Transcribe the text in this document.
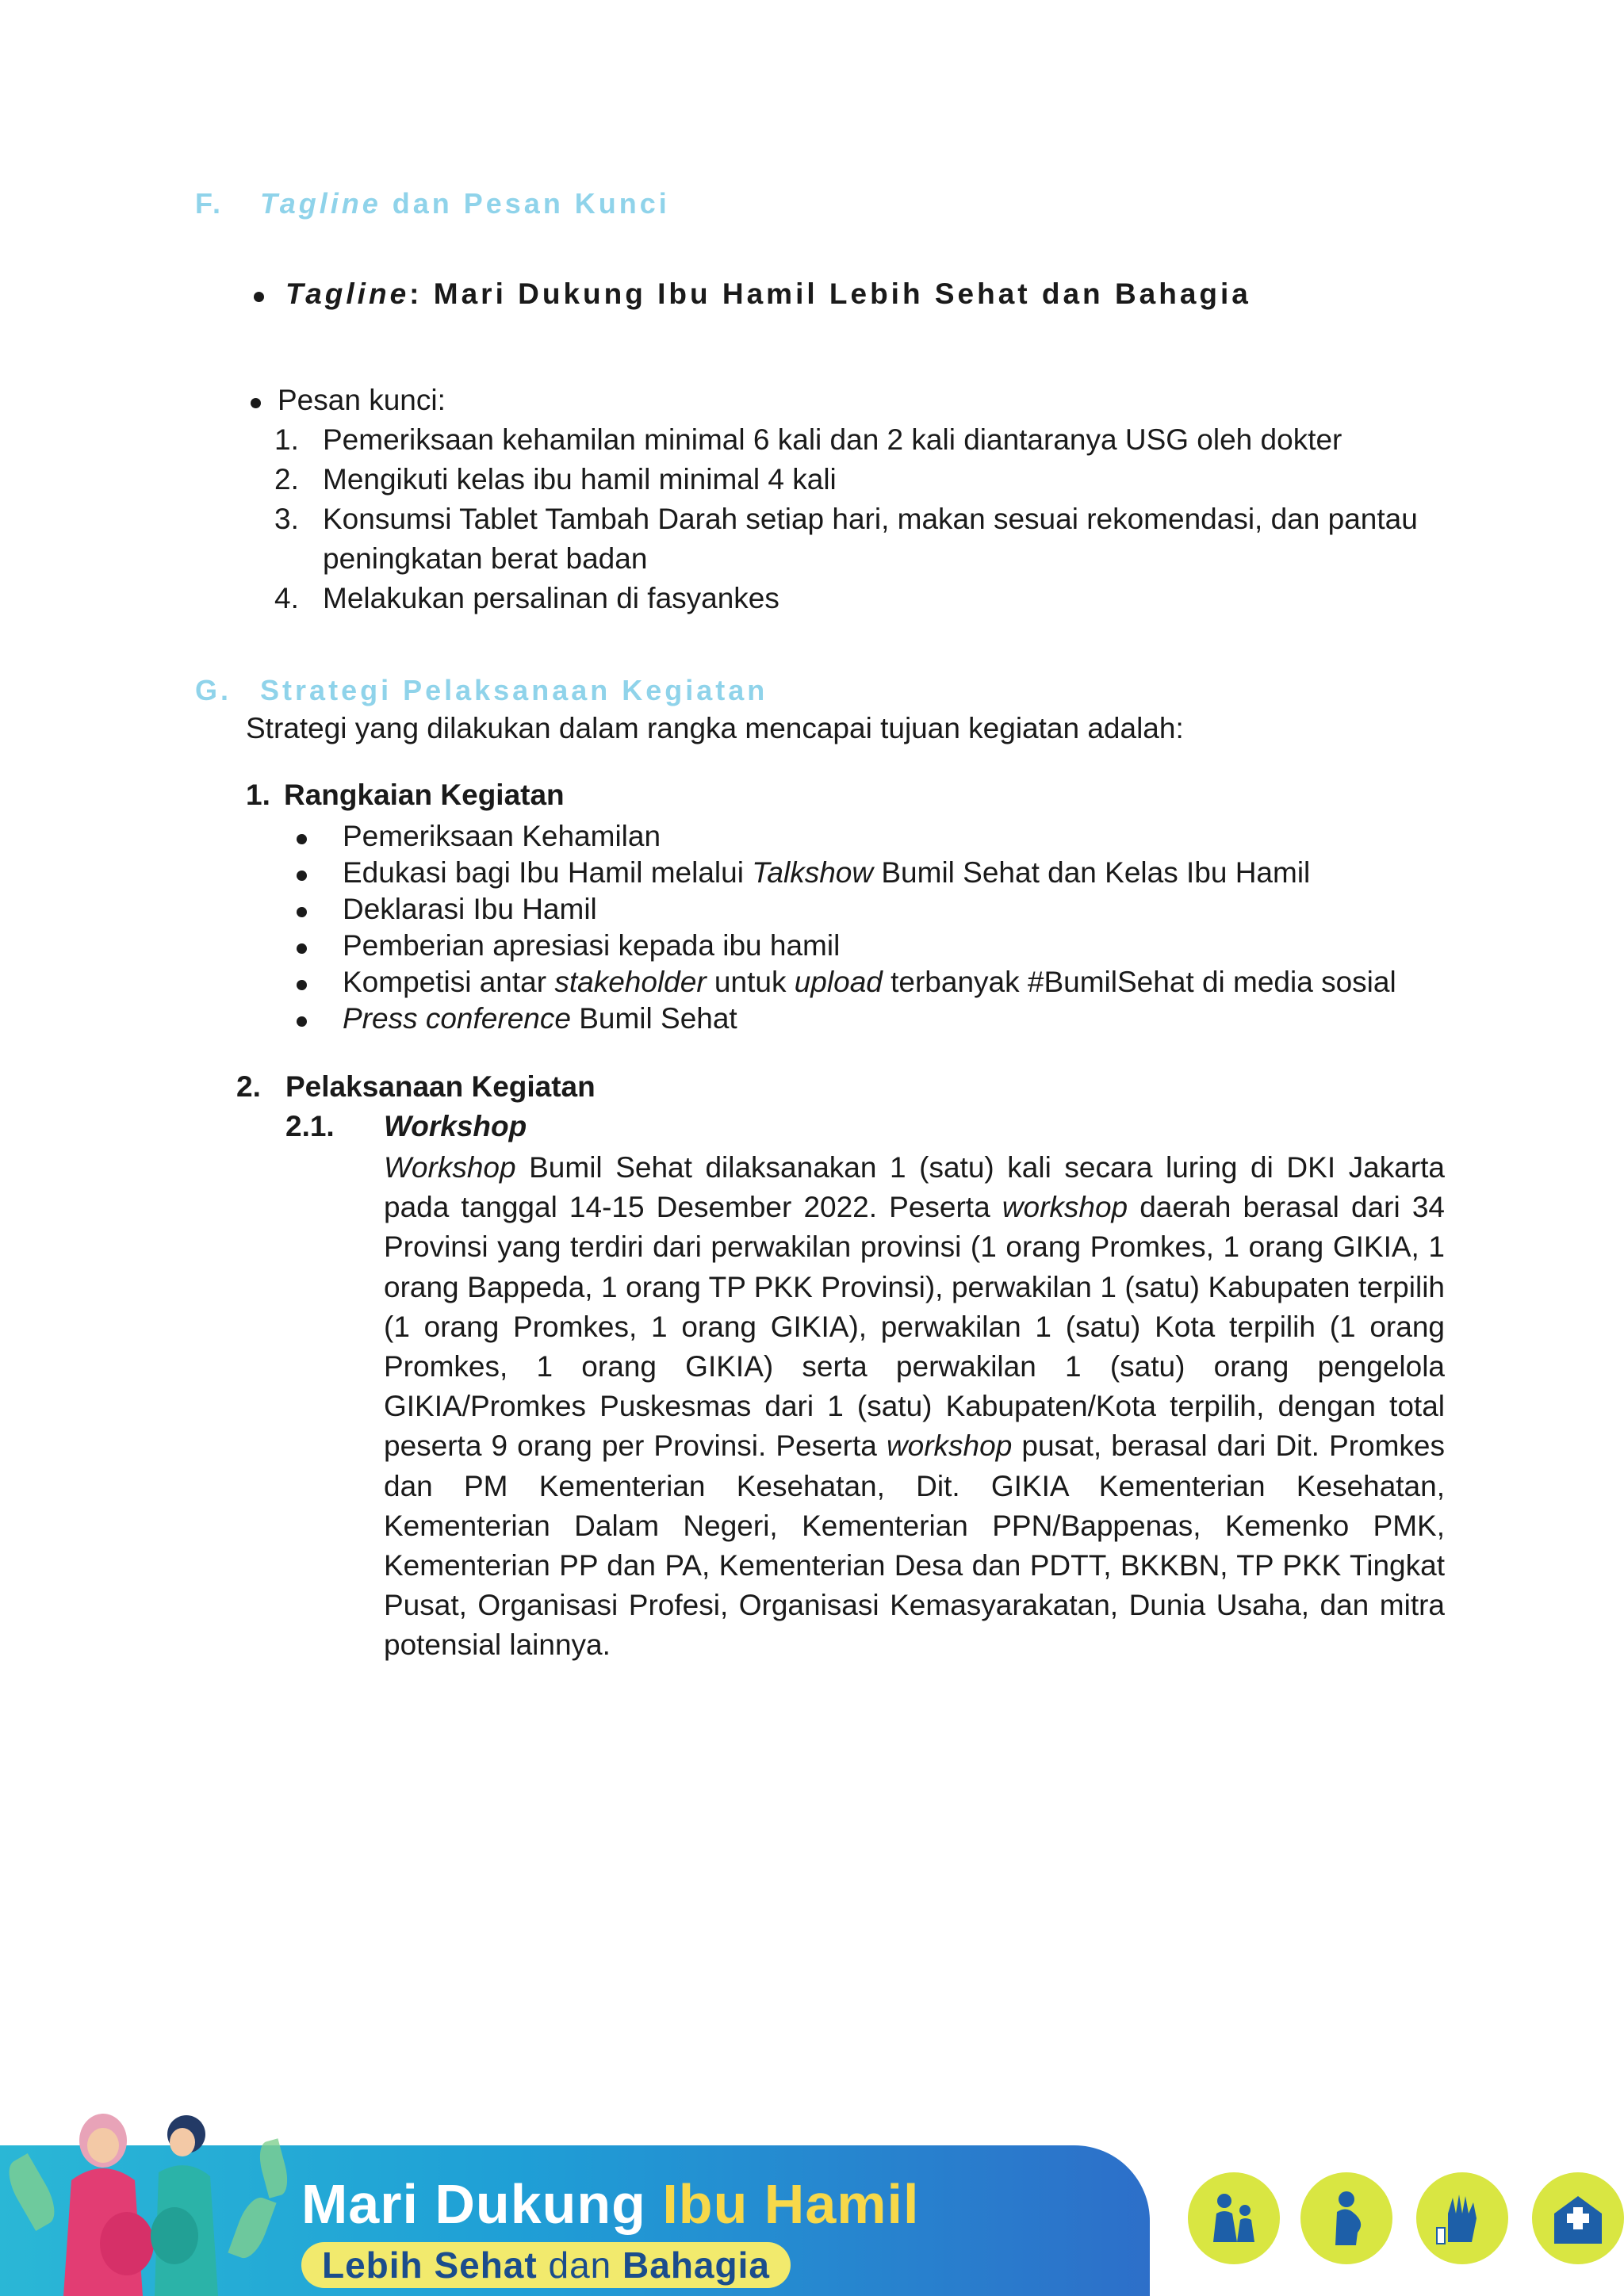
F. Tagline dan Pesan Kunci
Tagline: Mari Dukung Ibu Hamil Lebih Sehat dan Bahagia
Pesan kunci:
1. Pemeriksaan kehamilan minimal 6 kali dan 2 kali diantaranya USG oleh dokter
2. Mengikuti kelas ibu hamil minimal 4 kali
3. Konsumsi Tablet Tambah Darah setiap hari, makan sesuai rekomendasi, dan pantau
peningkatan berat badan
4. Melakukan persalinan di fasyankes
G. Strategi Pelaksanaan Kegiatan
Strategi yang dilakukan dalam rangka mencapai tujuan kegiatan adalah:
1. Rangkaian Kegiatan
Pemeriksaan Kehamilan
Edukasi bagi Ibu Hamil melalui Talkshow Bumil Sehat dan Kelas Ibu Hamil
Deklarasi Ibu Hamil
Pemberian apresiasi kepada ibu hamil
Kompetisi antar stakeholder untuk upload terbanyak #BumilSehat di media sosial
Press conference Bumil Sehat
2. Pelaksanaan Kegiatan
2.1. Workshop
Workshop Bumil Sehat dilaksanakan 1 (satu) kali secara luring di DKI Jakarta pada tanggal 14-15 Desember 2022. Peserta workshop daerah berasal dari 34 Provinsi yang terdiri dari perwakilan provinsi (1 orang Promkes, 1 orang GIKIA, 1 orang Bappeda, 1 orang TP PKK Provinsi), perwakilan 1 (satu) Kabupaten terpilih (1 orang Promkes, 1 orang GIKIA), perwakilan 1 (satu) Kota terpilih (1 orang Promkes, 1 orang GIKIA) serta perwakilan 1 (satu) orang pengelola GIKIA/Promkes Puskesmas dari 1 (satu) Kabupaten/Kota terpilih, dengan total peserta 9 orang per Provinsi. Peserta workshop pusat, berasal dari Dit. Promkes dan PM Kementerian Kesehatan, Dit. GIKIA Kementerian Kesehatan, Kementerian Dalam Negeri, Kementerian PPN/Bappenas, Kemenko PMK, Kementerian PP dan PA, Kementerian Desa dan PDTT, BKKBN, TP PKK Tingkat Pusat, Organisasi Profesi, Organisasi Kemasyarakatan, Dunia Usaha, dan mitra potensial lainnya.
Mari Dukung Ibu Hamil
Lebih Sehat dan Bahagia
